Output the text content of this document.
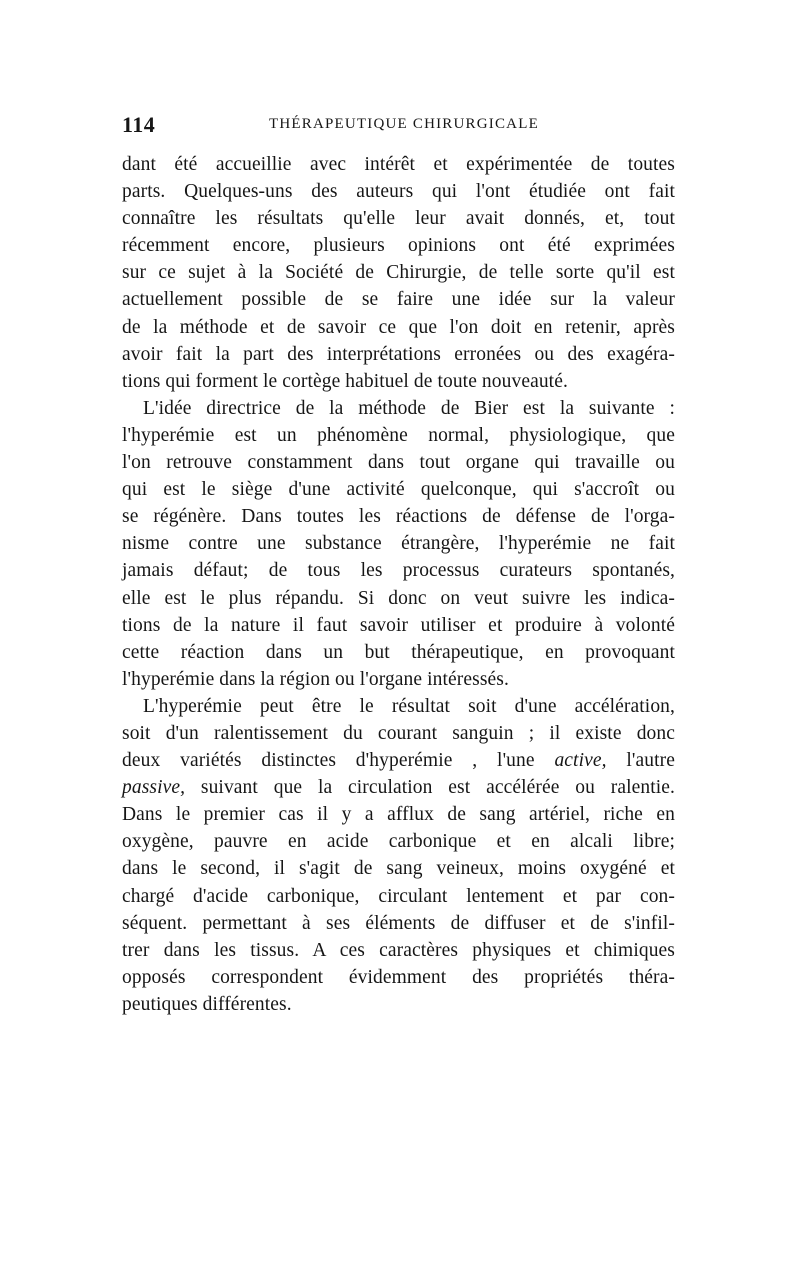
114	THÉRAPEUTIQUE CHIRURGICALE
dant été accueillie avec intérêt et expérimentée de toutes
parts. Quelques-uns des auteurs qui l'ont étudiée ont fait
connaître les résultats qu'elle leur avait donnés, et, tout
récemment encore, plusieurs opinions ont été exprimées
sur ce sujet à la Société de Chirurgie, de telle sorte qu'il est
actuellement possible de se faire une idée sur la valeur
de la méthode et de savoir ce que l'on doit en retenir, après
avoir fait la part des interprétations erronées ou des exagéra-
tions qui forment le cortège habituel de toute nouveauté.
L'idée directrice de la méthode de Bier est la suivante :
l'hyperémie est un phénomène normal, physiologique, que
l'on retrouve constamment dans tout organe qui travaille ou
qui est le siège d'une activité quelconque, qui s'accroît ou
se régénère. Dans toutes les réactions de défense de l'orga-
nisme contre une substance étrangère, l'hyperémie ne fait
jamais défaut; de tous les processus curateurs spontanés,
elle est le plus répandu. Si donc on veut suivre les indica-
tions de la nature il faut savoir utiliser et produire à volonté
cette réaction dans un but thérapeutique, en provoquant
l'hyperémie dans la région ou l'organe intéressés.
L'hyperémie peut être le résultat soit d'une accélération,
soit d'un ralentissement du courant sanguin ; il existe donc
deux variétés distinctes d'hyperémie , l'une active, l'autre
passive, suivant que la circulation est accélérée ou ralentie.
Dans le premier cas il y a afflux de sang artériel, riche en
oxygène, pauvre en acide carbonique et en alcali libre;
dans le second, il s'agit de sang veineux, moins oxygéné et
chargé d'acide carbonique, circulant lentement et par con-
séquent. permettant à ses éléments de diffuser et de s'infil-
trer dans les tissus. A ces caractères physiques et chimiques
opposés correspondent évidemment des propriétés théra-
peutiques différentes.
